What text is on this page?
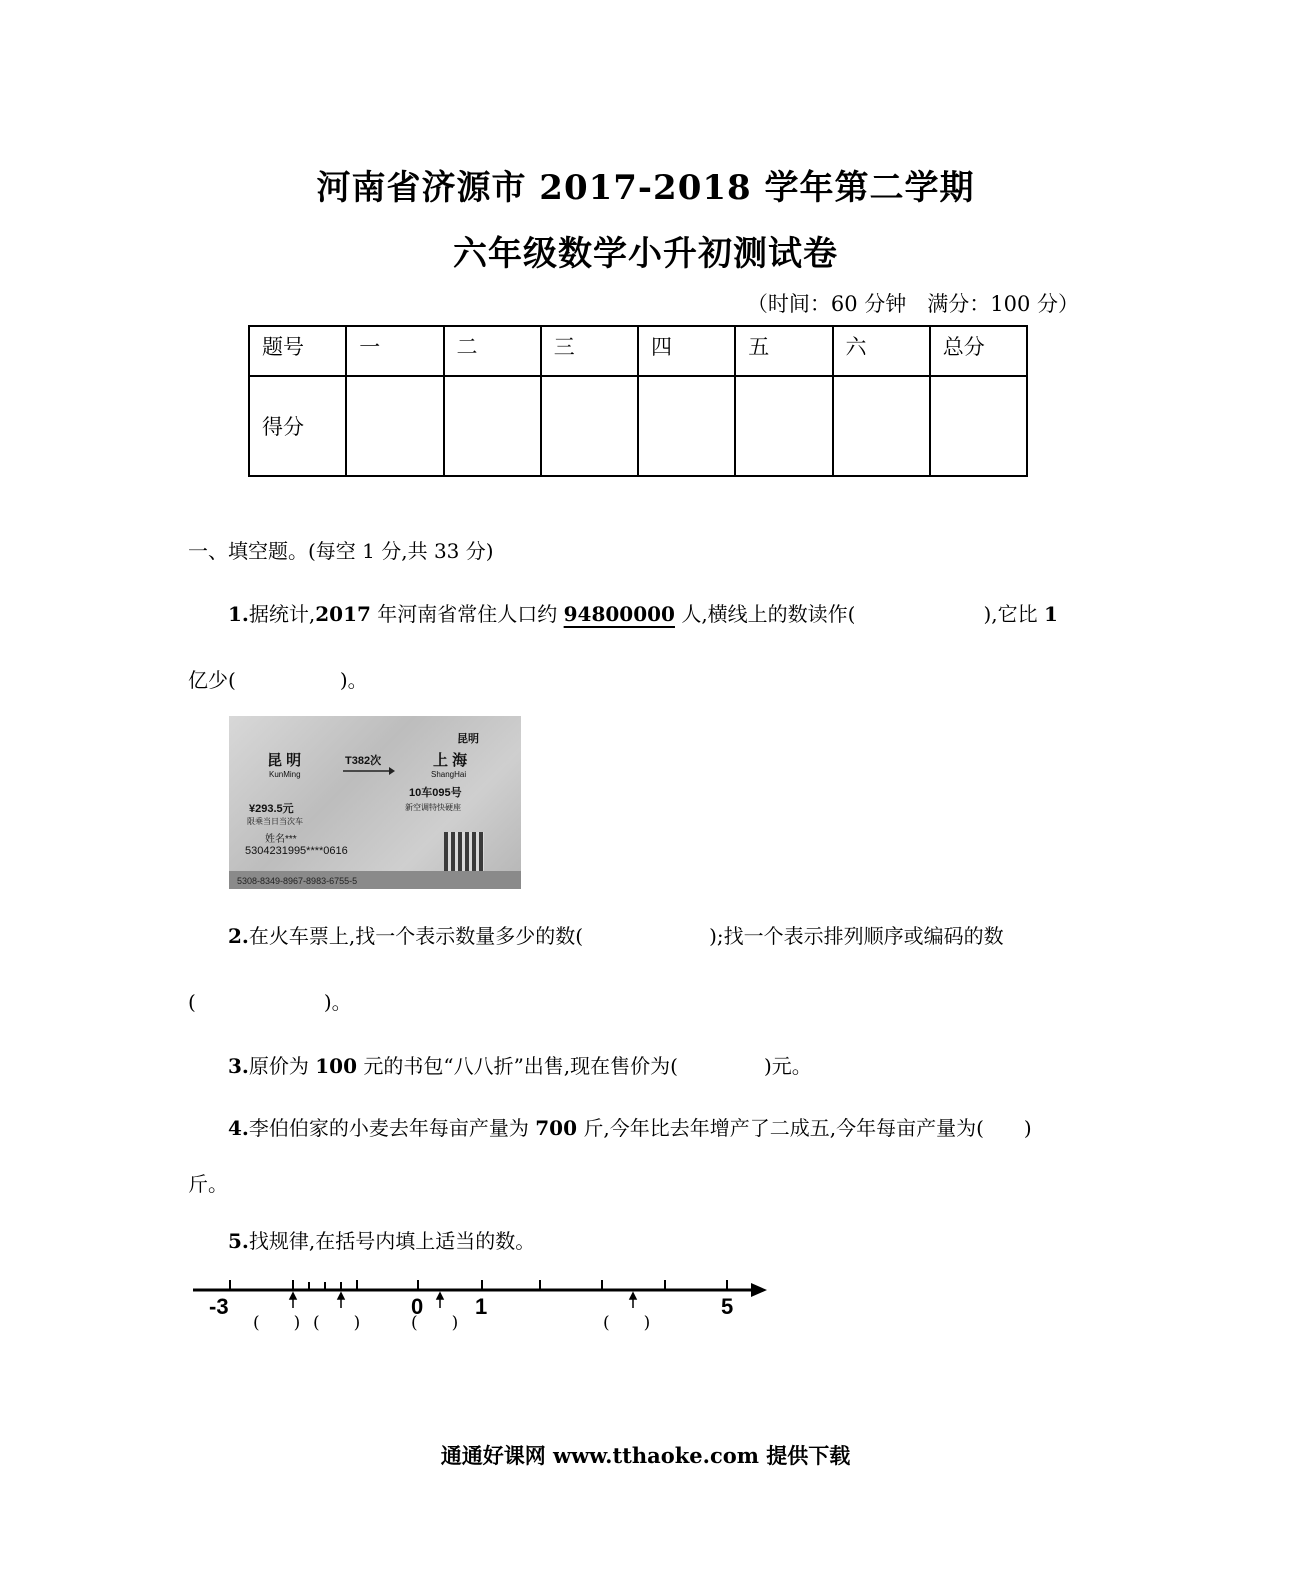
河南省济源市 2017-2018 学年第二学期
六年级数学小升初测试卷
（时间：60 分钟　满分：100 分）
题号	一	二	三	四	五	六	总分
得分							
一、填空题。(每空 1 分,共 33 分)
1.据统计,2017 年河南省常住人口约 94800000 人,横线上的数读作(	),它比 1
亿少(	)。
昆明
昆 明
KunMing
T382次	上 海
ShangHai
10车095号
新空调特快硬座
¥293.5元
限乘当日当次车
姓名***
5304231995****0616
5308-8349-8967-8983-6755-5
2.在火车票上,找一个表示数量多少的数(	);找一个表示排列顺序或编码的数
(	)。
3.原价为 100 元的书包“八八折”出售,现在售价为(	)元。
4.李伯伯家的小麦去年每亩产量为 700 斤,今年比去年增产了二成五,今年每亩产量为( )
斤。
5.找规律,在括号内填上适当的数。
-3	0 1	5
(　　) (　　)	(　　)	(　　)
通通好课网 www.tthaoke.com 提供下载
